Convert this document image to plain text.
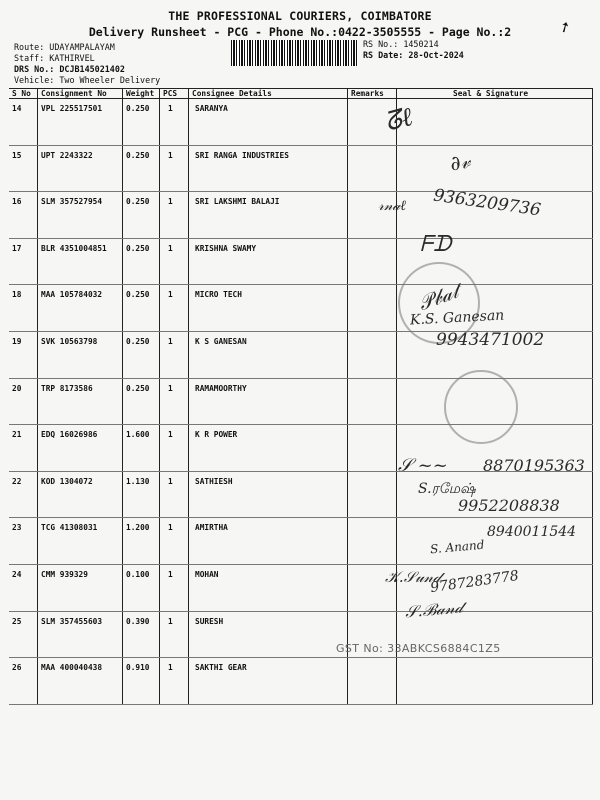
THE PROFESSIONAL COURIERS, COIMBATORE
Delivery Runsheet - PCG - Phone No.:0422-3505555 - Page No.:2	➚
Route: UDAYAMPALAYAM
Staff: KATHIRVEL
DRS No.: DCJB145021402
Vehicle: Two Wheeler Delivery
RS No.: 1450214
RS Date: 28-Oct-2024
S No	Consignment No	Weight	PCS	Consignee Details	Remarks	Seal & Signature
14	VPL 225517501	0.250	1	SARANYA		
15	UPT 2243322	0.250	1	SRI RANGA INDUSTRIES		
16	SLM 357527954	0.250	1	SRI LAKSHMI BALAJI		
17	BLR 4351004851	0.250	1	KRISHNA SWAMY		
18	MAA 105784032	0.250	1	MICRO TECH		
19	SVK 10563798	0.250	1	K S GANESAN		
20	TRP 8173586	0.250	1	RAMAMOORTHY		
21	EDQ 16026986	1.600	1	K R POWER		
22	KOD 1304072	1.130	1	SATHIESH		
23	TCG 41308031	1.200	1	AMIRTHA		
24	CMM 939329	0.100	1	MOHAN		
25	SLM 357455603	0.390	1	SURESH		
26	MAA 400040438	0.910	1	SAKTHI GEAR		
ᘔℓ
∂𝓋
𝓇𝓃𝒶ℓ 9363209736
ᖴᗪ
𝒫𝒷𝒶𝓉
K.S. Ganesan
9943471002
𝒮 ~~ 8870195363
S.ரமேஷ்
9952208838
8940011544
S. Anand
𝒦.𝒮𝓊𝓃𝒹
9787283778
𝒮.ℬ𝒶𝓃𝒹
GST No: 33ABKCS6884C1Z5
